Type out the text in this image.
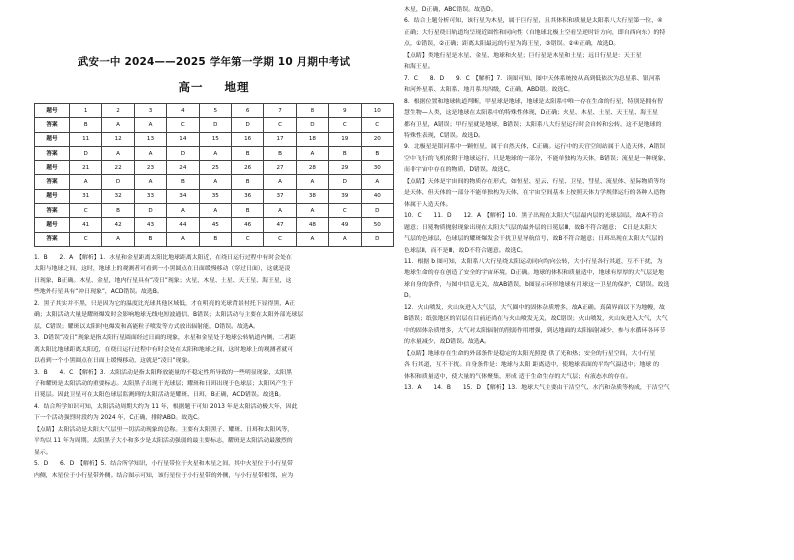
武安一中 2024——2025 学年第一学期 10 月期中考试
高一 地理
题号	1	2	3	4	5	6	7	8	9	10
答案	B	A	A	C	D	D	C	D	C	C
题号	11	12	13	14	15	16	17	18	19	20
答案	D	A	A	D	A	B	B	A	B	B
题号	21	22	23	24	25	26	27	28	29	30
答案	A	D	A	B	A	B	A	A	D	A
题号	31	32	33	34	35	36	37	38	39	40
答案	C	B	D	A	A	B	A	A	C	D
题号	41	42	43	44	45	46	47	48	49	50
答案	C	A	B	A	B	C	C	A	A	D

1．B　　2．A　【解析】1．水星和金星距离太阳比地球距离太阳近，在绕日运行过程中有时会处在

太阳与地球之间，这时，地球上的观测者可看到一小黑圆点在日面缓慢移动（穿过日面），这就是凌

日现象，B正确。木星、金星，地内行星具有“凌日”现象；火星、木星、土星、天王星、海王星，这

些地外行星具有“冲日现象”，ACD错误。故选B。

2．黑子其实并不黑，只是因为它的温度比光球其他区域低，才在明亮的光球背景衬托下显得黑，A正

确；太阳活动大量是耀斑爆发时会影响地球无线电短波通信，B错误；太阳活动与主要在太阳外部光球层

层，C错误；耀斑以太阳时电爆发和高能粒子喷发等方式放出辐射能，D错误。故选A。

3．D错误“凌日”现象是指太阳行星圆面经过日面的现象，水星和金星处于地球公转轨道内侧，二者距

离太阳比地球距离太阳近，在绕日运行过程中有时会处在太阳和地球之间，这时地球上的观测者就可

以看到一个小黑圆点在日面上缓慢移动，这就是“凌日”现象。

3．B　　4．C　【解析】3．太阳活动是指太阳释放能量的不稳定性所导致的一些明显现象，太阳黑

子和耀斑是太阳活动的重要标志。太阳黑子出现于光球层；耀斑和日珥出现于色球层；太阳风产生于

日冕层。因此卫星可在太阳色球层监测到的太阳活动是耀斑、日珥，B正确，ACD错误。故选B。

4．结合所学知识可知，太阳活动周期大约为 11 年，根据题干可知 2013 年是太阳活动极大年，因此

下一个活动强烈时段约为 2024 年，C正确，排除ABD。故选C。

【点睛】太阳活动是太阳大气层里一切活动现象的总称。主要有太阳黑子、耀斑、日珥和太阳风等，

平均以 11 年为周期。太阳黑子大小和多少是太阳活动强弱的最主要标志，耀斑是太阳活动最激烈的

显示。

5．D　　6．D　【解析】5．结合所学知识，小行星带位于火星和木星之间，其中火星位于小行星带

内侧，木星位于小行星带外侧。结合图示可知，该行星位于小行星带的外侧，与小行星带相邻，应为

木星，D正确，ABC错误。故选D。

6．结合上题分析可知，该行星为木星，属于巨行星，且其体积和质量是太阳系八大行星第一位，④

正确；大行星绕日轨道均呈现近圆性和同向性（自地球北极上空看呈逆时针方向，即自西向东）的特

点，①错误，②正确；距离太阳最远的行星为海王星，③错误。②④正确，故选D。

【点睛】类地行星是水星、金星、地球和火星；巨行星是木星和土星；远日行星是：天王星

和海王星。

7．C　　8．D　　9．C　【解析】7．读图可知，图中天体系统按从高到低依次为总星系、银河系

和河外星系、太阳系、地月系共四级，C正确，ABD错。故选C。

8．根据位置和地球轨道判断，甲星球是地球，地球是太阳系中唯一存在生命的行星，特别是拥有智

慧生物—人类，这是地球在太阳系中的特殊性体现，D正确；火星、木星、土星、天王星、海王星

都有卫星，A错误；甲行星就是地球，B错误；太阳系八大行星运行时会自转和公转，这不是地球的

特殊性表现，C错误。故选D。

9．北极星是银河系中一颗恒星，属于自然天体，C正确。运行中的天宫空间站属于人造天体，A错误

空中飞行的飞机依附于地球运行，只是地球的一部分，不能单独构为天体，B错误；流星是一种现象，

而非宇宙中存在的物质，D错误。故选C。

【点睛】天体是宇宙间的物质存在形式，如恒星、星云、行星、卫星、彗星、流星体、星际物质等均

是天体，但天体的一部分不能单独构为天体，在宇宙空间基本上按照天体力学规律运行的各种人造物

体属于人造天体。

10．C　　11．D　　12．A　【解析】10．黑子出现在太阳大气层最内层的光球层Ⅰ层，故A不符合

题意；日冕物质抛射现象出现在太阳大气层的最外层的日冕层Ⅲ，故B不符合题意；　C日是太阳大

气层的色球层，色球层的耀斑爆发会干扰卫星导航信号，故B不符合题意；日珥出现在太阳大气层的

色球层Ⅱ，而不是Ⅲ，故D不符合题意。故选C。

11．根据 b 图可知，太阳系八大行星绕太阳运动同向均向公转，大小行星各行其道，互不干扰，为

地球生命的存在创造了安全的宇宙环境，D正确。地球的体积和质量适中，地球有厚厚的大气层是地

球自身的条件，与图中信息无关，故AB错误，b图显示环形地球有月球这一卫星的保护，C错误。故选

D。

12．火山喷发，火山灰进入大气层，大气圈中的固体杂质增多，故A正确。真菌界面以下为地幔，故

B错误；纸张地区的岩层在目前还尚在与火山喷发无关，故C错误；火山喷发，火山灰进入大气，大气

中的固体杂质增多，大气对太阳辐射的削弱作用增强，到达地面的太阳辐射减少，参与水循环各环节

的水量减少，故D错误。故选A。

【点睛】地球存在生命的外部条件是稳定的太阳光照提 供了光和热；安全的行星空间，大小行星

各 行其道，互不干扰。自身条件是：地球与太阳 距离适中，使地球表面的平均气温适中；地球 的

体积和质量适中，使大量的气体聚集，形成 适于生命生存的大气层；有液态水的存在。

13．A　　14．B　　15．D　【解析】13．地球大气主要由干洁空气、水汽和杂质等构成，干洁空气
